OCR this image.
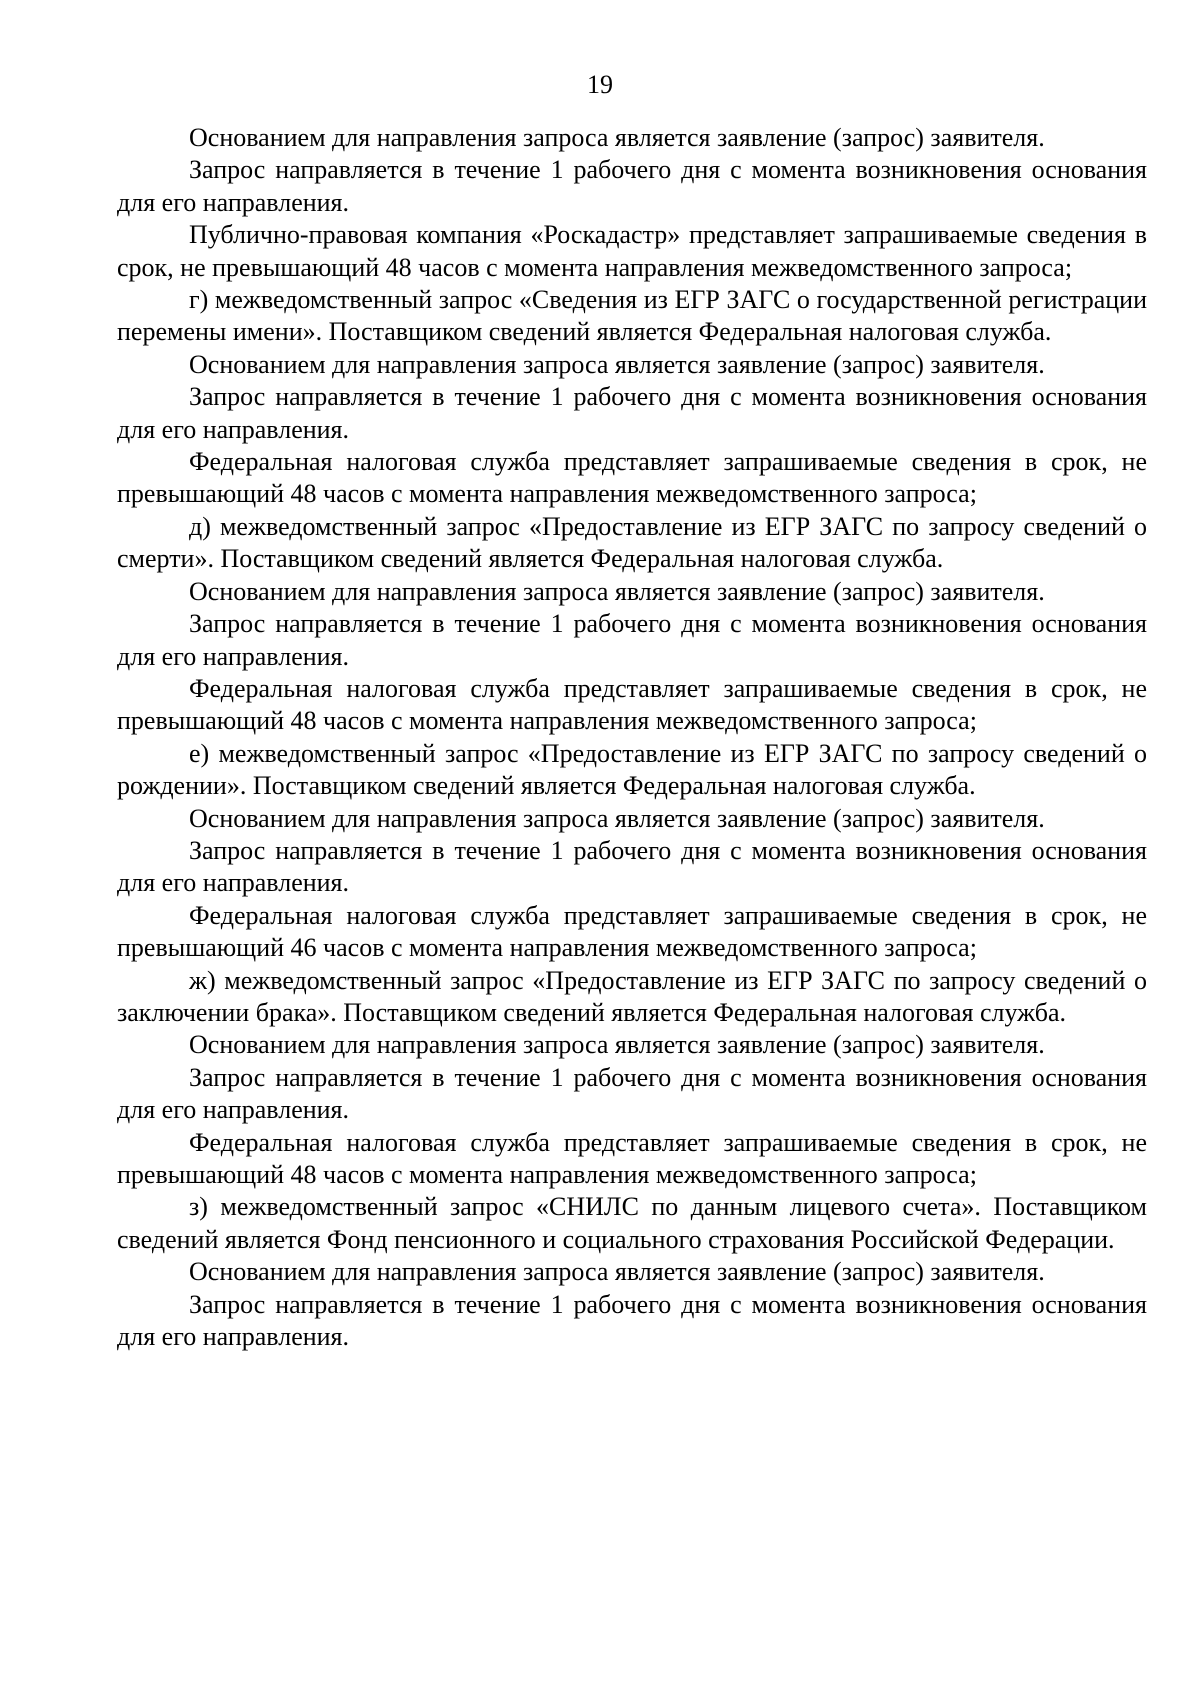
19

Основанием для направления запроса является заявление (запрос) заявителя.

Запрос направляется в течение 1 рабочего дня с момента возникновения основания для его направления.

Публично-правовая компания «Роскадастр» представляет запрашиваемые сведения в срок, не превышающий 48 часов с момента направления межведомственного запроса;

г) межведомственный запрос «Сведения из ЕГР ЗАГС о государственной регистрации перемены имени». Поставщиком сведений является Федеральная налоговая служба.

Основанием для направления запроса является заявление (запрос) заявителя.

Запрос направляется в течение 1 рабочего дня с момента возникновения основания для его направления.

Федеральная налоговая служба представляет запрашиваемые сведения в срок, не превышающий 48 часов с момента направления межведомственного запроса;

д) межведомственный запрос «Предоставление из ЕГР ЗАГС по запросу сведений о смерти». Поставщиком сведений является Федеральная налоговая служба.

Основанием для направления запроса является заявление (запрос) заявителя.

Запрос направляется в течение 1 рабочего дня с момента возникновения основания для его направления.

Федеральная налоговая служба представляет запрашиваемые сведения в срок, не превышающий 48 часов с момента направления межведомственного запроса;

е) межведомственный запрос «Предоставление из ЕГР ЗАГС по запросу сведений о рождении». Поставщиком сведений является Федеральная налоговая служба.

Основанием для направления запроса является заявление (запрос) заявителя.

Запрос направляется в течение 1 рабочего дня с момента возникновения основания для его направления.

Федеральная налоговая служба представляет запрашиваемые сведения в срок, не превышающий 46 часов с момента направления межведомственного запроса;

ж) межведомственный запрос «Предоставление из ЕГР ЗАГС по запросу сведений о заключении брака». Поставщиком сведений является Федеральная налоговая служба.

Основанием для направления запроса является заявление (запрос) заявителя.

Запрос направляется в течение 1 рабочего дня с момента возникновения основания для его направления.

Федеральная налоговая служба представляет запрашиваемые сведения в срок, не превышающий 48 часов с момента направления межведомственного запроса;

з) межведомственный запрос «СНИЛС по данным лицевого счета». Поставщиком сведений является Фонд пенсионного и социального страхования Российской Федерации.

Основанием для направления запроса является заявление (запрос) заявителя.

Запрос направляется в течение 1 рабочего дня с момента возникновения основания для его направления.
